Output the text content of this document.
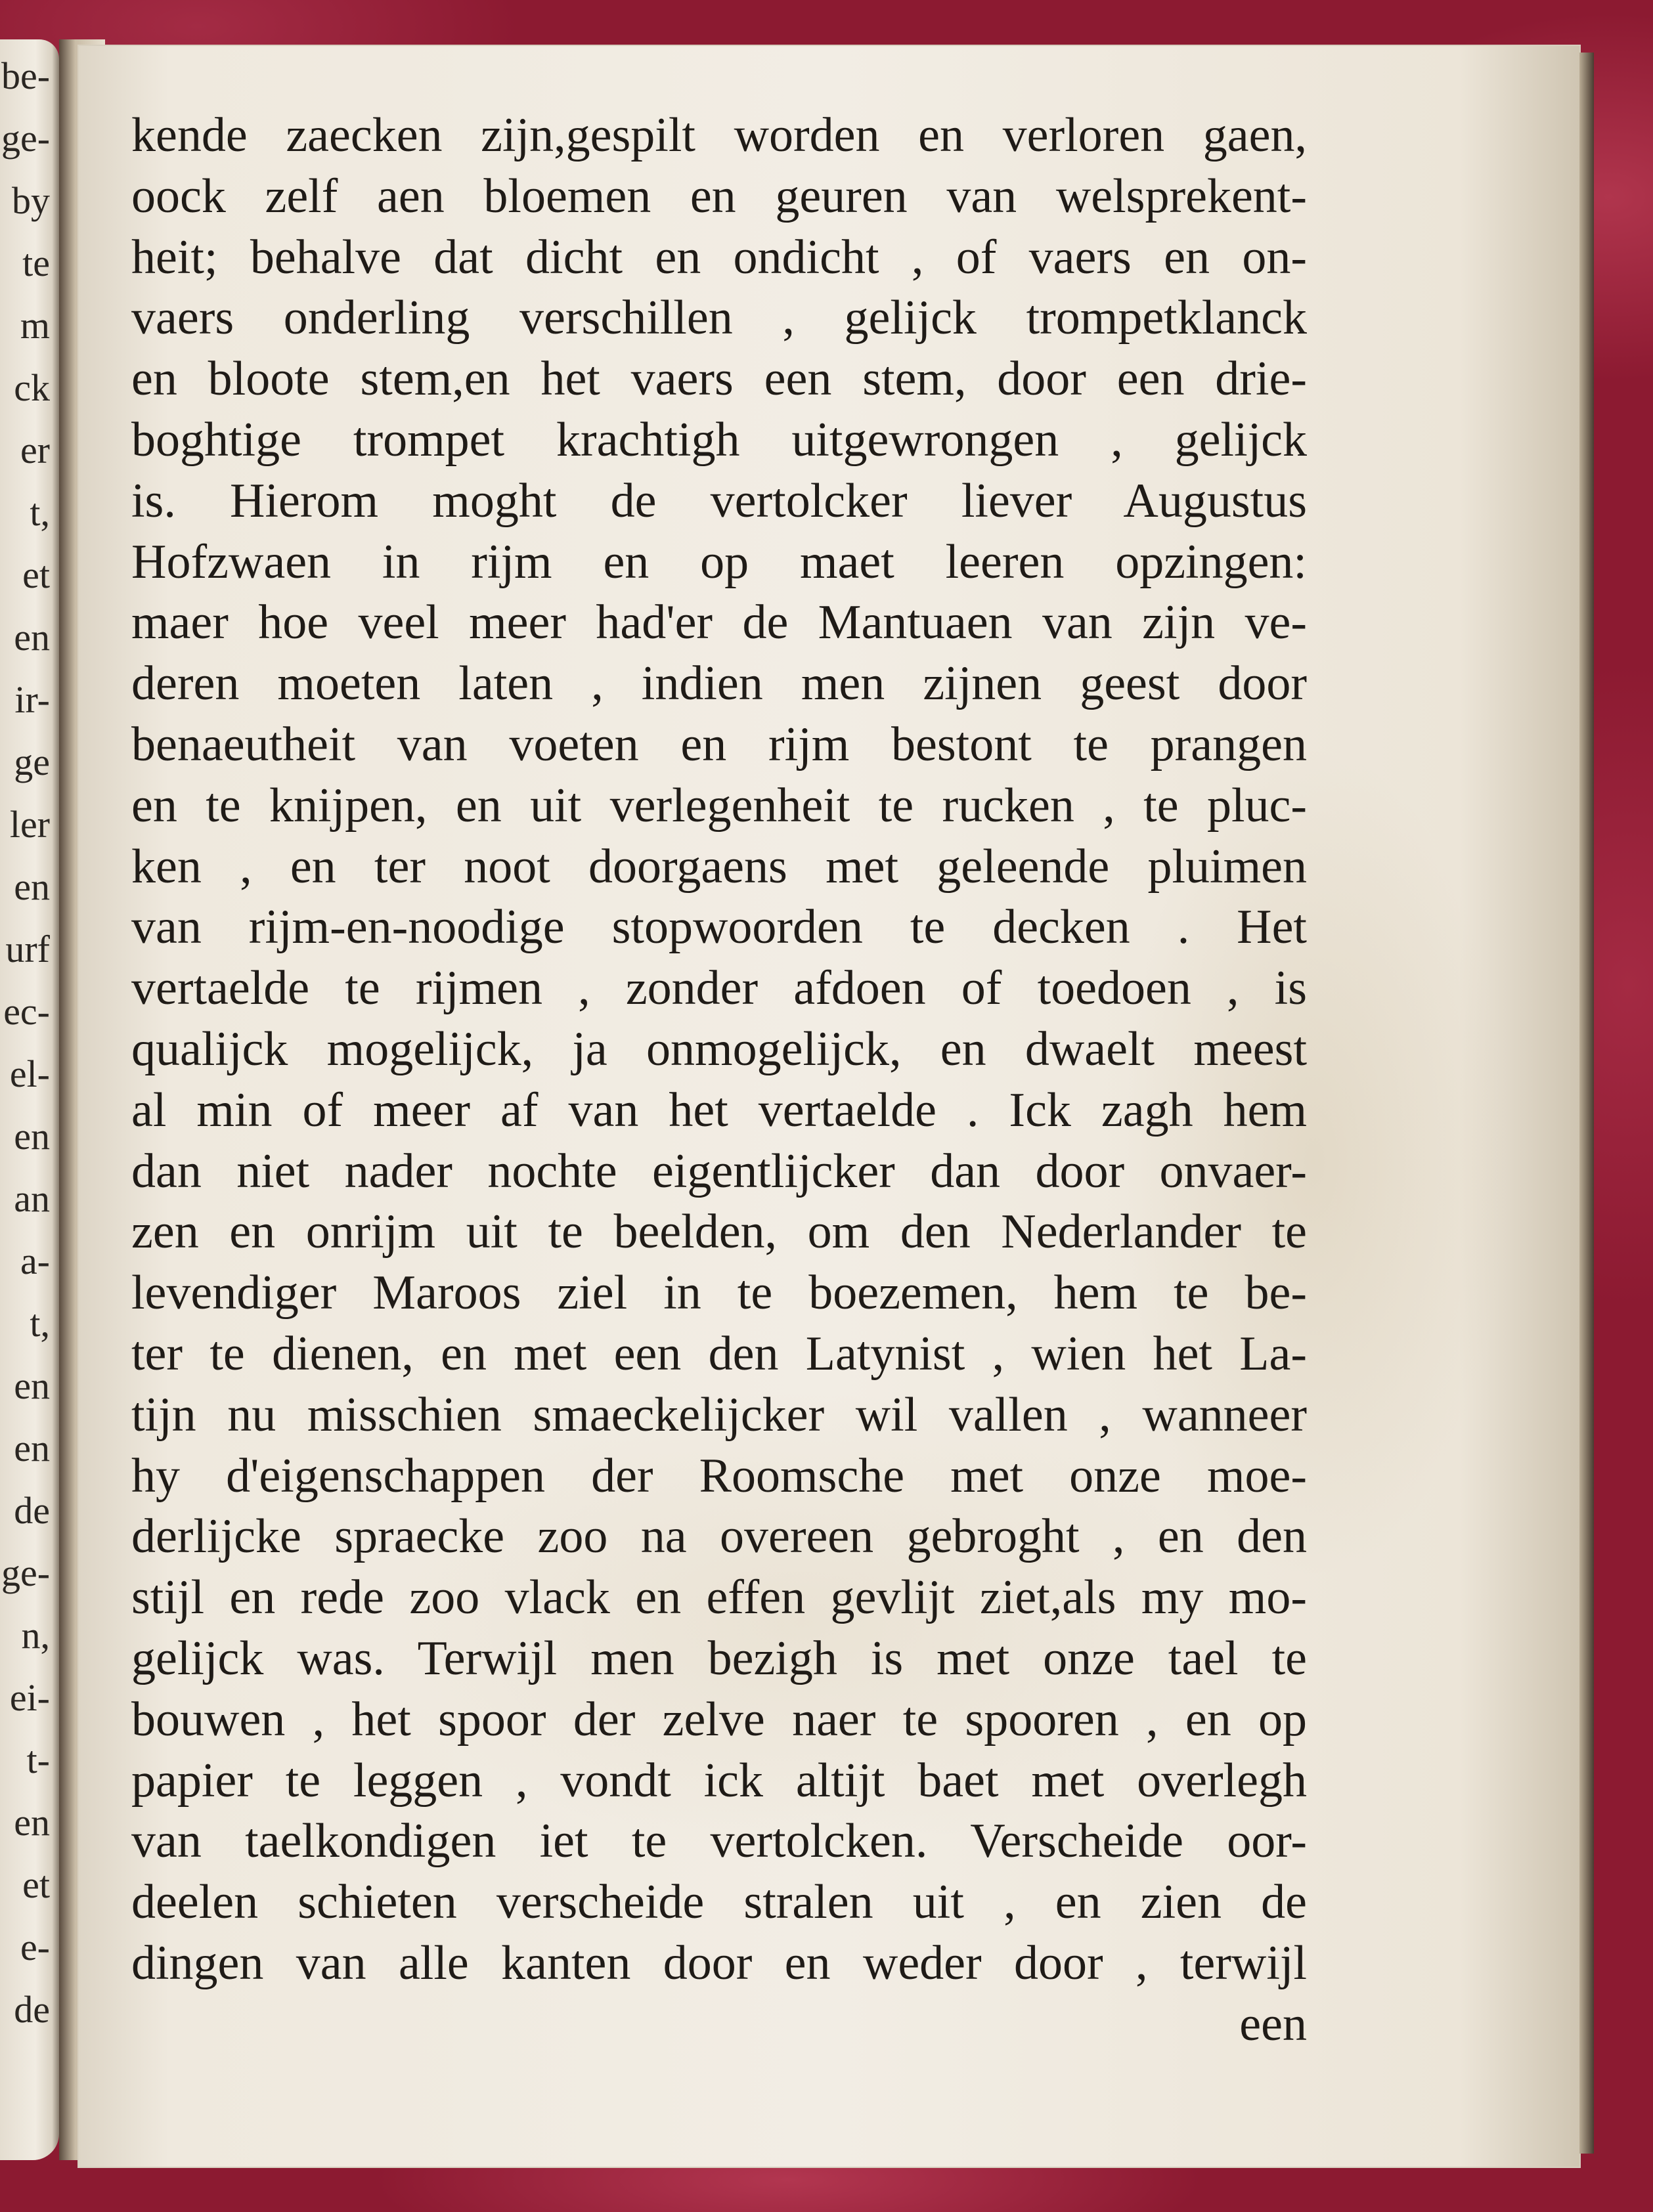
be-
ge-
by
te
m
ck
er
t,
et
en
ir-
ge
ler
en
urf
ec-
el-
en
an
a-
t,
en
en
de
ge-
n,
ei-
t-
en
et
e-
de
kende zaecken zijn,gespilt worden en verloren gaen,
oock zelf aen bloemen en geuren van welsprekent-
heit; behalve dat dicht en ondicht , of vaers en on-
vaers onderling verschillen , gelijck trompetklanck
en bloote stem,en het vaers een stem, door een drie-
boghtige trompet krachtigh uitgewrongen , gelijck
is. Hierom moght de vertolcker liever Augustus
Hofzwaen in rijm en op maet leeren opzingen:
maer hoe veel meer had'er de Mantuaen van zijn ve-
deren moeten laten , indien men zijnen geest door
benaeutheit van voeten en rijm bestont te prangen
en te knijpen, en uit verlegenheit te rucken , te pluc-
ken , en ter noot doorgaens met geleende pluimen
van rijm-en-noodige stopwoorden te decken . Het
vertaelde te rijmen , zonder afdoen of toedoen , is
qualijck mogelijck, ja onmogelijck, en dwaelt meest
al min of meer af van het vertaelde . Ick zagh hem
dan niet nader nochte eigentlijcker dan door onvaer-
zen en onrijm uit te beelden, om den Nederlander te
levendiger Maroos ziel in te boezemen, hem te be-
ter te dienen, en met een den Latynist , wien het La-
tijn nu misschien smaeckelijcker wil vallen , wanneer
hy d'eigenschappen der Roomsche met onze moe-
derlijcke spraecke zoo na overeen gebroght , en den
stijl en rede zoo vlack en effen gevlijt ziet,als my mo-
gelijck was. Terwijl men bezigh is met onze tael te
bouwen , het spoor der zelve naer te spooren , en op
papier te leggen , vondt ick altijt baet met overlegh
van taelkondigen iet te vertolcken. Verscheide oor-
deelen schieten verscheide stralen uit , en zien de
dingen van alle kanten door en weder door , terwijl
een
